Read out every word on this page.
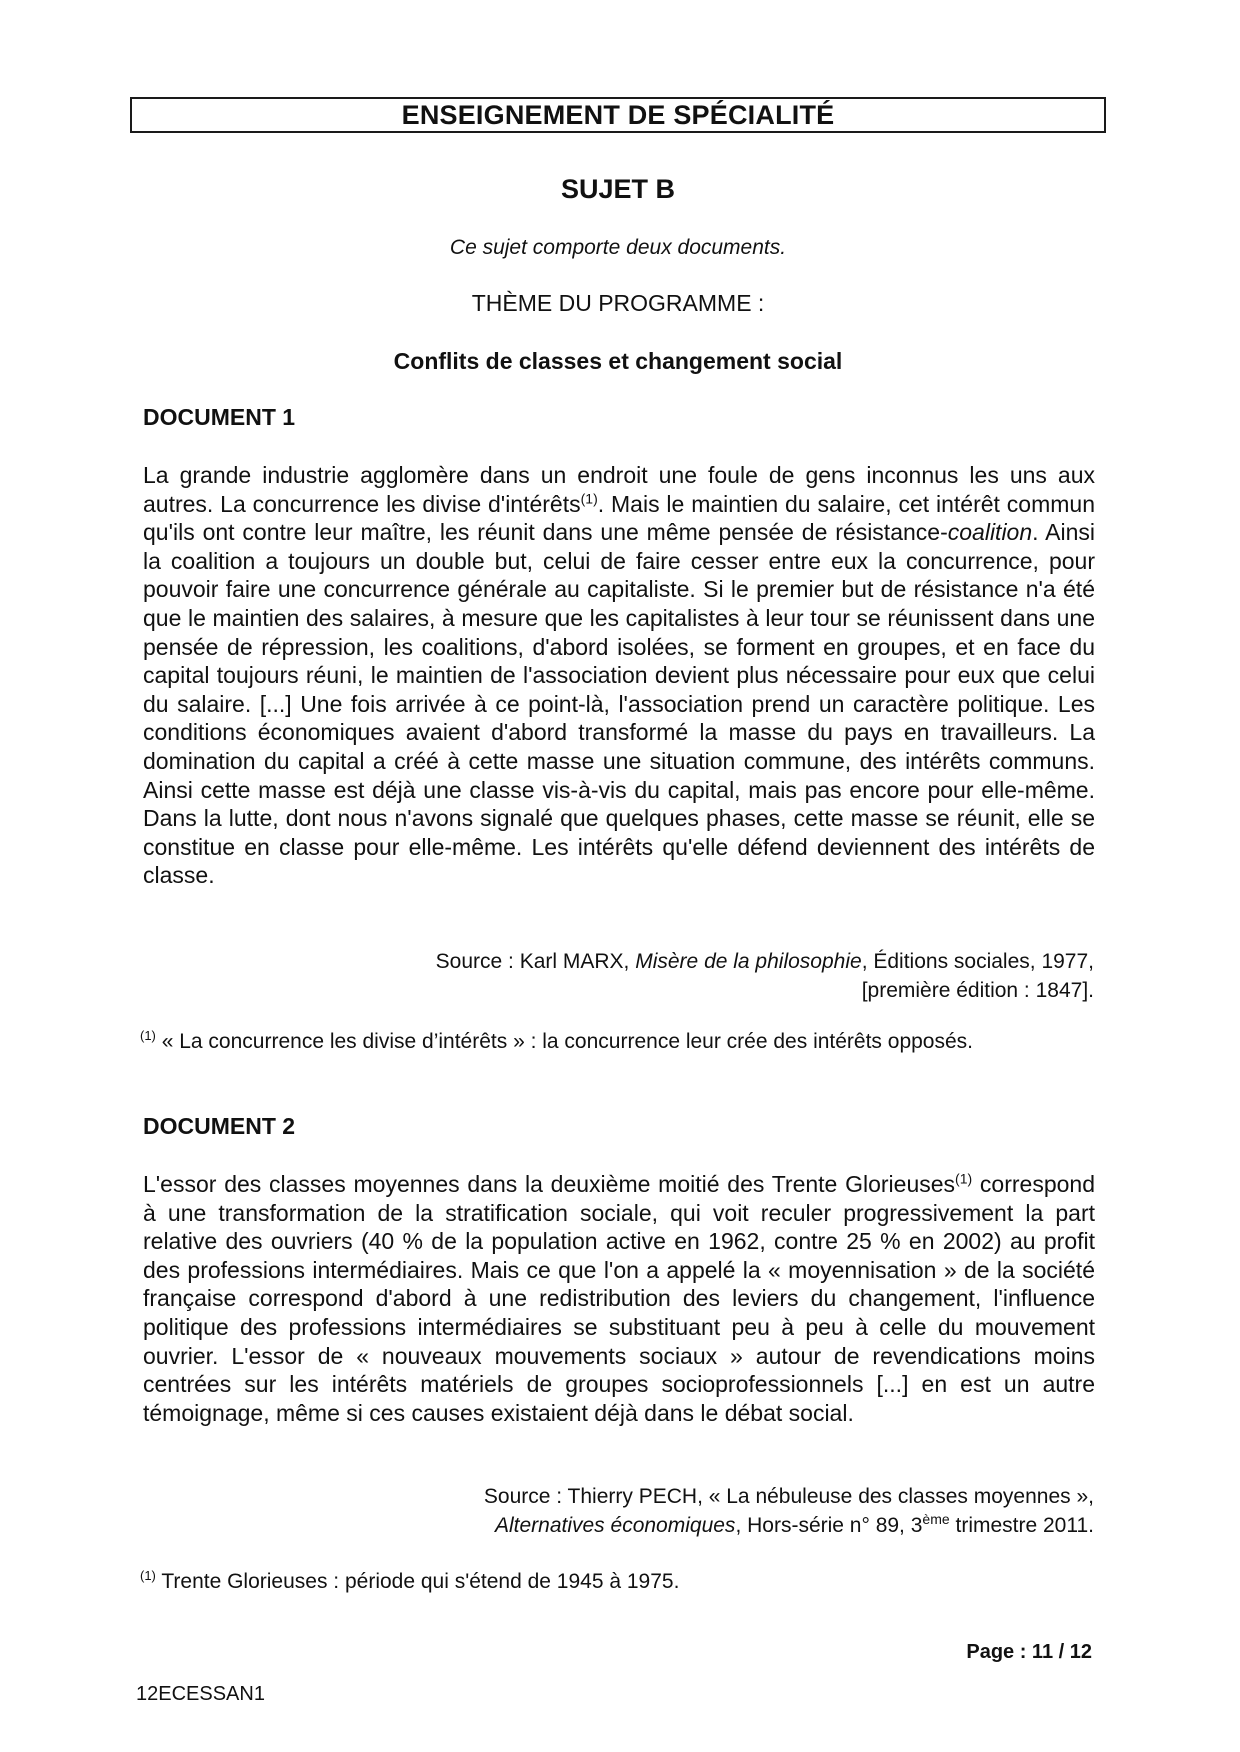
ENSEIGNEMENT DE SPÉCIALITÉ
SUJET B
Ce sujet comporte deux documents.
THÈME DU PROGRAMME :
Conflits de classes et changement social
DOCUMENT 1

La grande industrie agglomère dans un endroit une foule de gens inconnus les uns aux autres. La concurrence les divise d'intérêts$^{(1)}$. Mais le maintien du salaire, cet intérêt commun qu'ils ont contre leur maître, les réunit dans une même pensée de résistance-coalition. Ainsi la coalition a toujours un double but, celui de faire cesser entre eux la concurrence, pour pouvoir faire une concurrence générale au capitaliste. Si le premier but de résistance n'a été que le maintien des salaires, à mesure que les capitalistes à leur tour se réunissent dans une pensée de répression, les coalitions, d'abord isolées, se forment en groupes, et en face du capital toujours réuni, le maintien de l'association devient plus nécessaire pour eux que celui du salaire. [...] Une fois arrivée à ce point-là, l'association prend un caractère politique. Les conditions économiques avaient d'abord transformé la masse du pays en travailleurs. La domination du capital a créé à cette masse une situation commune, des intérêts communs. Ainsi cette masse est déjà une classe vis-à-vis du capital, mais pas encore pour elle-même. Dans la lutte, dont nous n'avons signalé que quelques phases, cette masse se réunit, elle se constitue en classe pour elle-même. Les intérêts qu'elle défend deviennent des intérêts de classe.

Source : Karl MARX, Misère de la philosophie, Éditions sociales, 1977,
[première édition : 1847].
$^{(1)}$ « La concurrence les divise d’intérêts » : la concurrence leur crée des intérêts opposés.
DOCUMENT 2

L'essor des classes moyennes dans la deuxième moitié des Trente Glorieuses$^{(1)}$ correspond à une transformation de la stratification sociale, qui voit reculer progressivement la part relative des ouvriers (40 % de la population active en 1962, contre 25 % en 2002) au profit des professions intermédiaires. Mais ce que l'on a appelé la « moyennisation » de la société française correspond d'abord à une redistribution des leviers du changement, l'influence politique des professions intermédiaires se substituant peu à peu à celle du mouvement ouvrier. L'essor de « nouveaux mouvements sociaux » autour de revendications moins centrées sur les intérêts matériels de groupes socioprofessionnels [...] en est un autre témoignage, même si ces causes existaient déjà dans le débat social.

Source : Thierry PECH, « La nébuleuse des classes moyennes »,
Alternatives économiques, Hors-série n° 89, 3ème trimestre 2011.
$^{(1)}$ Trente Glorieuses : période qui s'étend de 1945 à 1975.
Page : 11 / 12
12ECESSAN1
